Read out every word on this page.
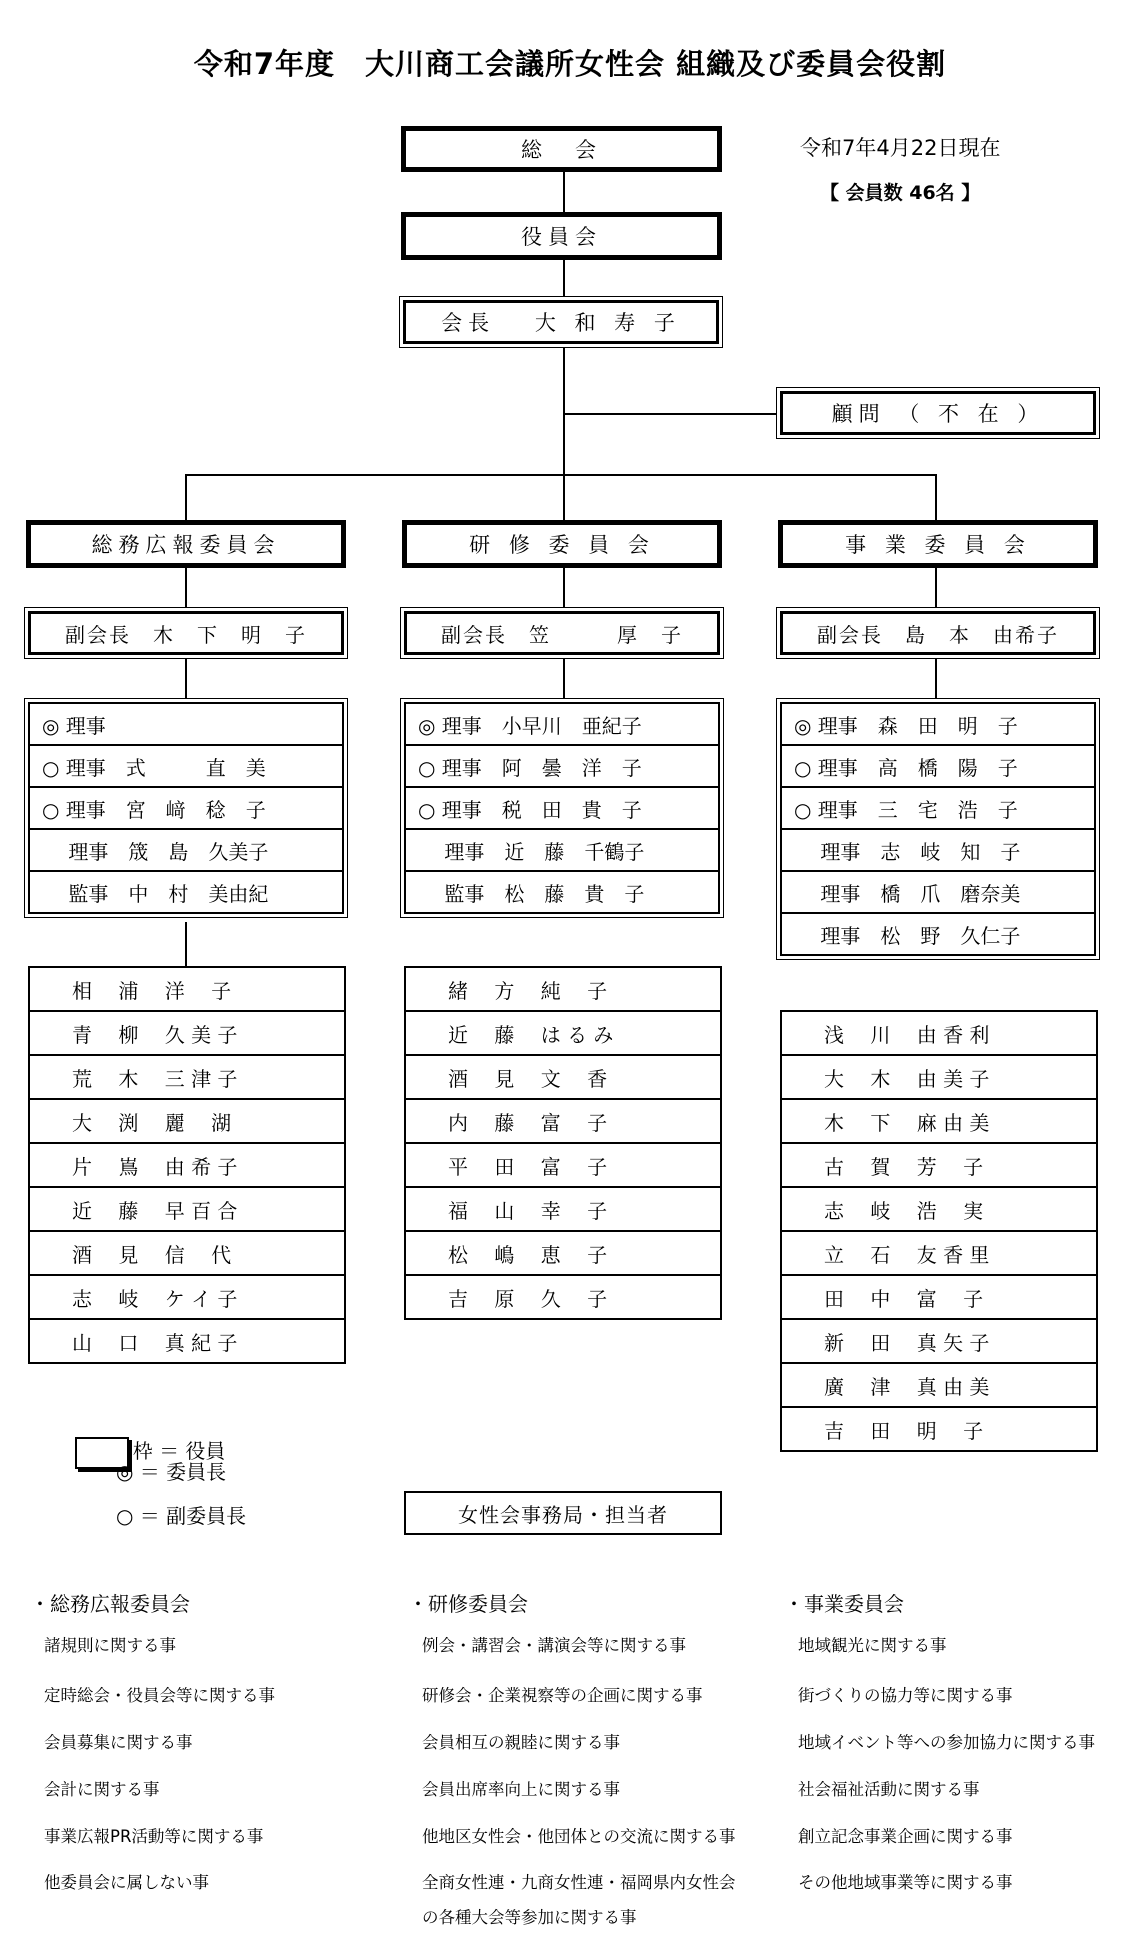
令和7年度　大川商工会議所女性会 組織及び委員会役割
令和7年4月22日現在
【 会員数 46名 】
総　会
役員会
会長　 大 和 寿 子
顧問 （ 不 在 ）
総務広報委員会	研 修 委 員 会	事 業 委 員 会
副会長　木　下　明　子	副会長　笠　　　厚　子	副会長　島　本　由希子
◎ 理事
○ 理事　式　　　直　美
○ 理事　宮　﨑　稔　子
　 理事　筬　島　久美子
　 監事　中　村　美由紀
◎ 理事　小早川　亜紀子
○ 理事　阿　曇　洋　子
○ 理事　税　田　貴　子
　 理事　近　藤　千鶴子
　 監事　松　藤　貴　子
◎ 理事　森　田　明　子
○ 理事　高　橋　陽　子
○ 理事　三　宅　浩　子
　 理事　志　岐　知　子
　 理事　橋　爪　磨奈美
　 理事　松　野　久仁子
相　 浦　 洋　 子
青　 柳　 久 美 子
荒　 木　 三 津 子
大　 渕　 麗　 湖
片　 嶌　 由 希 子
近　 藤　 早 百 合
酒　 見　 信　 代
志　 岐　 ケ イ 子
山　 口　 真 紀 子
緒　 方　 純　 子
近　 藤　 は る み
酒　 見　 文　 香
内　 藤　 富　 子
平　 田　 富　 子
福　 山　 幸　 子
松　 嶋　 恵　 子
吉　 原　 久　 子
浅　 川　 由 香 利
大　 木　 由 美 子
木　 下　 麻 由 美
古　 賀　 芳　 子
志　 岐　 浩　 実
立　 石　 友 香 里
田　 中　 富　 子
新　 田　 真 矢 子
廣　 津　 真 由 美
吉　 田　 明　 子

枠 ＝ 役員

◎ ＝ 委員長
○ ＝ 副委員長	女性会事務局・担当者
・総務広報委員会
諸規則に関する事
定時総会・役員会等に関する事
会員募集に関する事
会計に関する事
事業広報PR活動等に関する事
他委員会に属しない事
・研修委員会
例会・講習会・講演会等に関する事
研修会・企業視察等の企画に関する事
会員相互の親睦に関する事
会員出席率向上に関する事
他地区女性会・他団体との交流に関する事
全商女性連・九商女性連・福岡県内女性会
の各種大会等参加に関する事
・事業委員会
地域観光に関する事
街づくりの協力等に関する事
地域イベント等への参加協力に関する事
社会福祉活動に関する事
創立記念事業企画に関する事
その他地域事業等に関する事
